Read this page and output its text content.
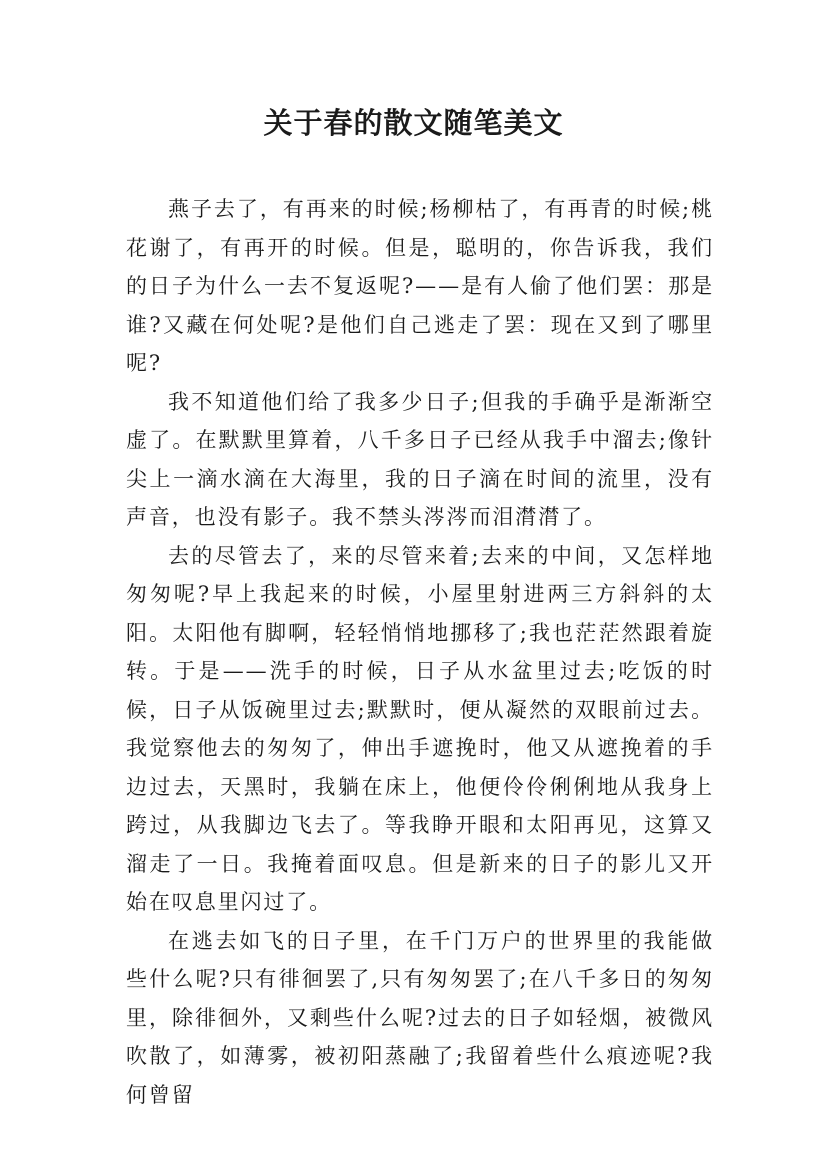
关于春的散文随笔美文

燕子去了，有再来的时候;杨柳枯了，有再青的时候;桃花谢了，有再开的时候。但是，聪明的，你告诉我，我们的日子为什么一去不复返呢?——是有人偷了他们罢：那是谁?又藏在何处呢?是他们自己逃走了罢：现在又到了哪里呢?

我不知道他们给了我多少日子;但我的手确乎是渐渐空虚了。在默默里算着，八千多日子已经从我手中溜去;像针尖上一滴水滴在大海里，我的日子滴在时间的流里，没有声音，也没有影子。我不禁头涔涔而泪潸潸了。

去的尽管去了，来的尽管来着;去来的中间，又怎样地匆匆呢?早上我起来的时候，小屋里射进两三方斜斜的太阳。太阳他有脚啊，轻轻悄悄地挪移了;我也茫茫然跟着旋转。于是——洗手的时候，日子从水盆里过去;吃饭的时候，日子从饭碗里过去;默默时，便从凝然的双眼前过去。我觉察他去的匆匆了，伸出手遮挽时，他又从遮挽着的手边过去，天黑时，我躺在床上，他便伶伶俐俐地从我身上跨过，从我脚边飞去了。等我睁开眼和太阳再见，这算又溜走了一日。我掩着面叹息。但是新来的日子的影儿又开始在叹息里闪过了。

在逃去如飞的日子里，在千门万户的世界里的我能做些什么呢?只有徘徊罢了,只有匆匆罢了;在八千多日的匆匆里，除徘徊外，又剩些什么呢?过去的日子如轻烟，被微风吹散了，如薄雾，被初阳蒸融了;我留着些什么痕迹呢?我何曾留
